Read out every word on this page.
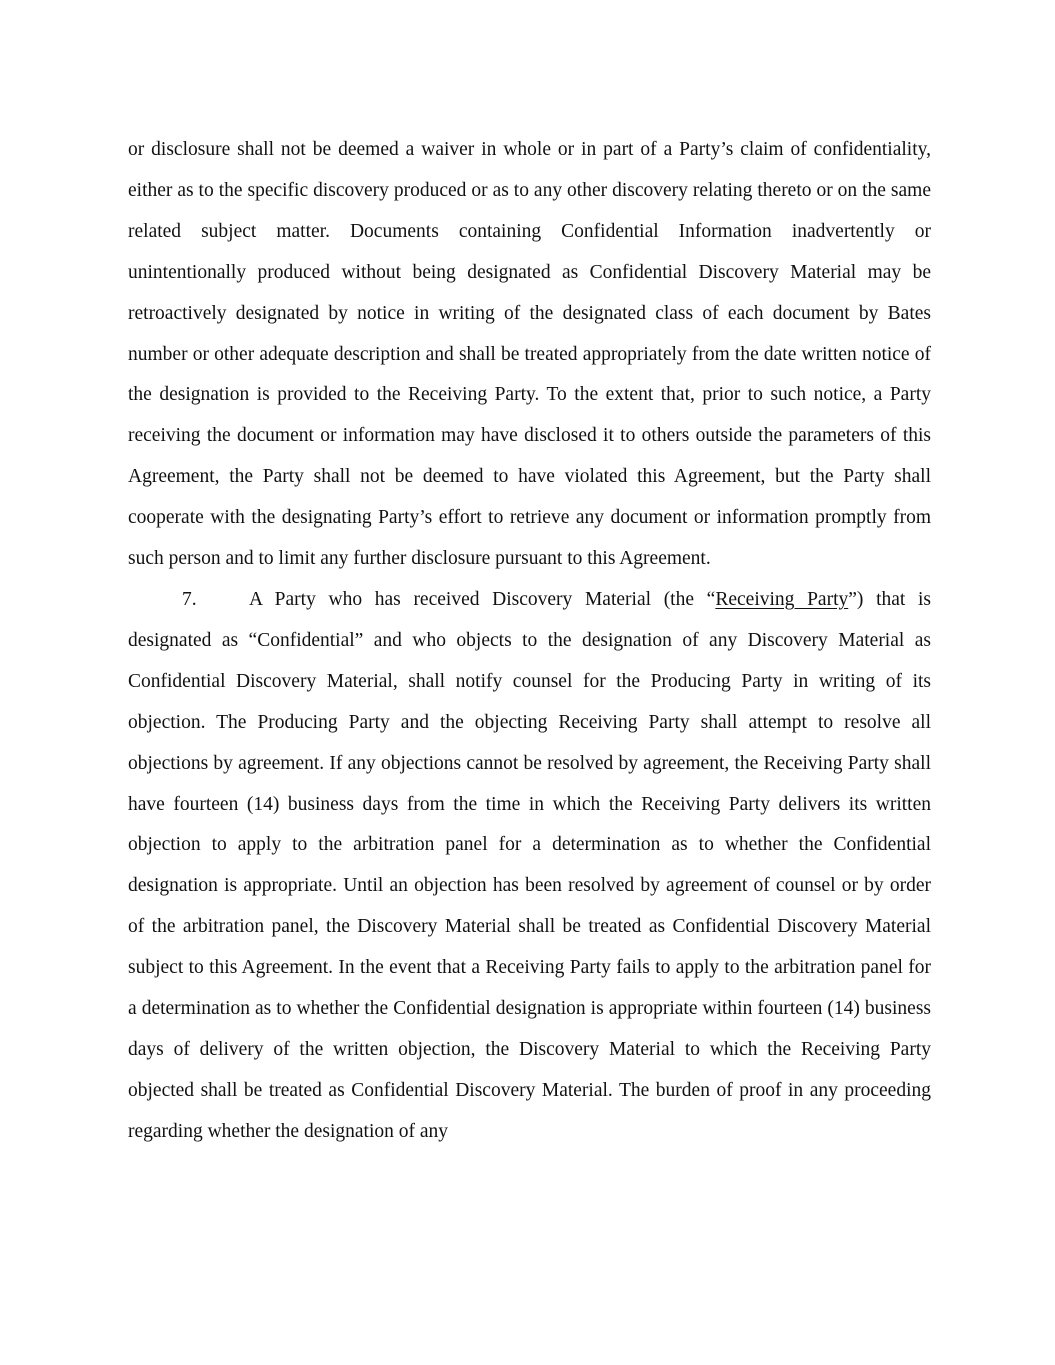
or disclosure shall not be deemed a waiver in whole or in part of a Party’s claim of confidentiality, either as to the specific discovery produced or as to any other discovery relating thereto or on the same related subject matter. Documents containing Confidential Information inadvertently or unintentionally produced without being designated as Confidential Discovery Material may be retroactively designated by notice in writing of the designated class of each document by Bates number or other adequate description and shall be treated appropriately from the date written notice of the designation is provided to the Receiving Party. To the extent that, prior to such notice, a Party receiving the document or information may have disclosed it to others outside the parameters of this Agreement, the Party shall not be deemed to have violated this Agreement, but the Party shall cooperate with the designating Party’s effort to retrieve any document or information promptly from such person and to limit any further disclosure pursuant to this Agreement.

7.	A Party who has received Discovery Material (the “Receiving Party”) that is designated as “Confidential” and who objects to the designation of any Discovery Material as Confidential Discovery Material, shall notify counsel for the Producing Party in writing of its objection. The Producing Party and the objecting Receiving Party shall attempt to resolve all objections by agreement. If any objections cannot be resolved by agreement, the Receiving Party shall have fourteen (14) business days from the time in which the Receiving Party delivers its written objection to apply to the arbitration panel for a determination as to whether the Confidential designation is appropriate. Until an objection has been resolved by agreement of counsel or by order of the arbitration panel, the Discovery Material shall be treated as Confidential Discovery Material subject to this Agreement. In the event that a Receiving Party fails to apply to the arbitration panel for a determination as to whether the Confidential designation is appropriate within fourteen (14) business days of delivery of the written objection, the Discovery Material to which the Receiving Party objected shall be treated as Confidential Discovery Material. The burden of proof in any proceeding regarding whether the designation of any
